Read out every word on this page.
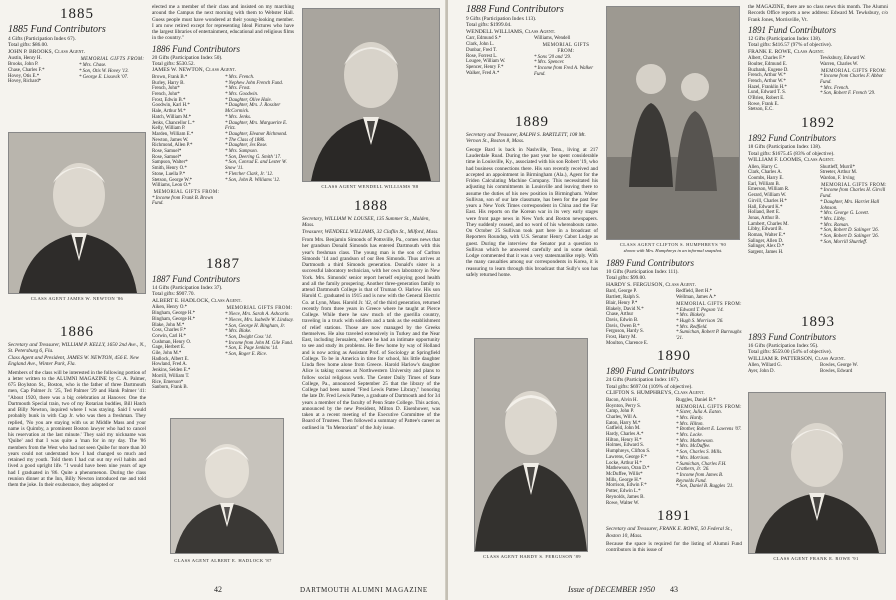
1885
1885 Fund Contributors
4 Gifts (Participation Index 67).
Total gifts: $86.00.
JOHN P. BROOKS, Class Agent.
Austin, Henry H.
Brooks, John P.
Chase, Charles F.*
Hovey, Otis E.*
Hovey, Richard*
MEMORIAL GIFTS FROM:
* Mrs. Chase.
* Son, Otis W. Hovey '13.
* George E. Lissovik '07.
CLASS AGENT JAMES W. NEWTON '86
1886
Secretary and Treasurer, WILLIAM P. KELLY, 1650 2nd Ave., N., St. Petersburg 6, Fla.
Class Agent and President, JAMES W. NEWTON, 456 E. New England Ave., Winter Park, Fla.
Members of the class will be interested in the following portion of a letter written to the ALUMNI MAGAZINE by C. A. Palmer, 675 Boylston St., Boston, who is the father of three Dartmouth men, Cap Palmer Jr. '25, Ted Palmer '29 and Hank Palmer '41: "About 1920, there was a big celebration at Hanover. One the Dartmouth Special train, two of my Rotarian buddies, Bill Hatch and Billy Newton, inquired where I was staying. Said I would probably bunk in with Cap Jr. who was then a freshman. They replied, 'No you are staying with us at Middle Mass and your name is Quimby, a prominent Boston lawyer who had to cancel his reservation at the last minute.' They said my nickname was 'Quibe' and that I was quite a 'man for in my day. The '86 members from the West who had not seen Quibe for more than 30 years could not understand how I had changed so much and retained my youth. Told them I had cut out my evil habits and lived a good upright life. "I would have been nine years of age had I graduated in '86. Quite a phenomenon. During the class reunion dinner at the Inn, Billy Newton introduced me and told them the joke. In their exuberance, they adopted or
elected me a member of their class and insisted on my marching around the Campus the next morning with them to Webster Hall. Guess people must have wondered at their young-looking member. I am now retired except for representing Ideal Pictures who have the largest libraries of entertainment, educational and religious films in the country."
1886 Fund Contributors
20 Gifts (Participation Index 50).
Total gifts: $530.52.
JAMES W. NEWTON, Class Agent.
Brown, Frank B.*
Burley, Harry B.
French, John*
French, John*
Frost, Edwin B.*
Goodwin, Karl H.*
Hale, Arthur M.*
Hatch, William M.*
Jenks, Chancellor L.*
Kelly, William P.
Marden, William E.*
Newton, James W.
Richmond, Allen P.*
Rose, Samuel*
Rose, Samuel*
Sampson, Walter*
Smith, Henry O.*
Stone, Luella P.*
Stetson, George W.*
Williams, Leon O.*
MEMORIAL GIFTS FROM:
* Income from Frank B. Brown Fund.
* Mrs. French.
* Nephew John French Fund.
* Mrs. Frost.
* Mrs. Goodwin.
* Daughter, Olive Hale.
* Daughter, Mrs. J. Rossiter McCormick.
* Mrs. Jenks.
* Daughter, Mrs. Marguerite E. Fritz.
* Daughter, Eleanor Richmond.
* The Class of 1886.
* Daughter, Jes Rose.
* Mrs. Sampson.
* Son, Deering G. Smith '17.
* Son, Conrad E. and Lester W. Snow '11.
* Fletcher Clark, Jr. '12.
* Son, John R. Williams '12.
1887
1887 Fund Contributors
14 Gifts (Participation Index 37).
Total gifts: $907.70.
ALBERT E. HADLOCK, Class Agent.
Aiken, Henry O.*
Bingham, George H.*
Bingham, George H.*
Blake, John M.*
Coss, Charles F.*
Corwin, Carl H.*
Cushman, Henry O.
Gage, Herbert E.
Gile, John M.*
Hadlock, Albert E.
Howland, Fred A.
Jenkins, Selden E.*
Morrill, William T.
Rice, Emerson*
Sanborn, Frank B.
MEMORIAL GIFTS FROM:
* Niece, Mrs. Sarah A. Ashcarin.
* Nieces, Mrs. Isabelle W. Lindsay.
* Son, George H. Bingham, Jr.
* Mrs. Blake.
* Son, Dwight Coss '14.
* Income from John M. Gile Fund.
* Son, E. Page Jenkins '14.
* Son, Roger E. Rice.
CLASS AGENT ALBERT E. HADLOCK '87
CLASS AGENT WENDELL WILLIAMS '88
1888
Secretary, WILLIAM W. LOUSEE, 135 Summer St., Malden, Mass.
Treasurer, WENDELL WILLIAMS, 32 Claflin St., Milford, Mass.
From Mrs. Benjamin Simonds of Pottsville, Pa., comes news that her grandson Donald Simonds has entered Dartmouth with this year's freshman class. The young man is the son of Carlton Simonds '14 and grandson of our Ben Simonds. Thus arrives at Dartmouth a third Simonds generation. Donald's sister is a successful laboratory technician, with her own laboratory in New York. Mrs. Simonds' senior report herself enjoying good health and all the family prospering. Another three-generation family to attend Dartmouth College is that of Truman O. Harlow. His son Harold C. graduated in 1915 and is now with the General Electric Co. at Lynn, Mass. Harold Jr. '42, of the third generation, returned recently from three years in Greece where he taught at Pierce College. While there he saw much of the guerilla country, traveling in a truck with soldiers and a tank as the establishment of relief stations. Those are now managed by the Greeks themselves. He also traveled extensively in Turkey and the Near East, including Jerusalem, where he had an intimate opportunity to see and study its problems. He flew home by way of Holland and is now acting as Assistant Prof. of Sociology at Springfield College. To be in America in time for school, his little daughter Linda flew home alone from Greece. Harold Harlow's daughter Alice is taking courses at Northwestern University and plans to follow social religious work. The Center Daily Times of State College, Pa., announced September 25 that the library of the College had been named "Fred Lewis Pattee Library," honoring the late Dr. Fred Lewis Pattee, a graduate of Dartmouth and for 34 years a member of the faculty of Penn State College. This action, announced by the new President, Milton D. Eisenhower, was taken at a recent meeting of the Executive Committee of the Board of Trustees. Then followed a summary of Pattee's career as outlined in "In Memoriam" of the July issue.
42	DARTMOUTH ALUMNI MAGAZINE
1888 Fund Contributors
9 Gifts (Participation Index 113).
Total gifts: $1999.04.
WENDELL WILLIAMS, Class Agent.
Carr, Edmund S.*
Clark, John L.
Dunbar, Fred T.
Rose, Forrest L.
Lougee, William W.
Spencer, Henry F.*
Walker, Fred A.*
Williams, Wendell
MEMORIAL GIFTS FROM:
* Sons '20 and '29.
* Mrs. Spencer.
* Income from Fred A. Walker Fund.
1889
Secretary and Treasurer, RALPH S. BARTLETT, 108 Mt. Vernon St., Boston 8, Mass.
George Bard is back in Nashville, Tenn., living at 217 Lauderdale Road. During the past year he spent considerable time in Louisville, Ky., associated with his son Robert '19, who had business connections there. His son recently received and accepted an appointment in Birmingham (Ala.), Agent for the Friden Calculating Machine Company. This necessitated his adjusting his commitments in Louisville and leaving there to assume the duties of his new position in Birmingham. Walter Sullivan, son of our late classmate, has been for the past few years a New York Times correspondent in China and the Far East. His reports on the Korean war in its very early stages were front page news in New York and Boston newspapers. They suddenly ceased, and no word of his whereabouts came. On October 25 Sullivan took part here in a broadcast of Reporters Roundup, with U.S. Senator Henry Cabot Lodge as guest. During the interview the Senator put a question to Sullivan which he answered carefully and in some detail. Lodge commented that it was a very statesmanlike reply. With the many casualties among our correspondents in Korea, it is reassuring to learn through this broadcast that Sully's son has safely returned home.
CLASS AGENT HARDY S. FERGUSON '89
CLASS AGENT CLIFTON S. HUMPHREYS '90
shown with Mrs. Humphreys in an informal snapshot.
1889 Fund Contributors
10 Gifts (Participation Index 111).
Total gifts: $99.00.
HARDY S. FERGUSON, Class Agent.
Bard, George P.
Bartlett, Ralph S.
Blair, Henry P.*
Blakely, David N.*
Chase, Arthur
Davis, Edwin B.
Davis, Owen B.*
Ferguson, Hardy S.
Frost, Harry M.
Moulton, Clarence E.
Redfield, Bert H.*
Wellman, James A.*
MEMORIAL GIFTS FROM:
* Edward T. Pegson '14.
* Mrs. Blakely.
* Hugh S. Morrison '26.
* Mrs. Redfield.
* Sumichan, Robert P. Burroughs '21.
1890
1890 Fund Contributors
24 Gifts (Participation Index 167).
Total gifts: $697.04 (109% of objective).
CLIFTON S. HUMPHREYS, Class Agent.
Bacon, Alvin H.
Boynton, Perry S.
Camp, John P.
Charles, Will A.
Eaton, Harry M.*
Gatfield, John M.
Hardy, Charles A.*
Hilton, Henry H.*
Holmes, Edward S.
Humphreys, Clifton S.
Lawrens, George F.*
Locke, Arthur H.*
Mathewson, Oran D.*
McDuffee, Willis*
Mills, George H.*
Morrison, Edwin F.*
Potter, Edwin L.*
Reynolds, James B.
Rowe, Walter W.
Ruggles, Daniel B.*
MEMORIAL GIFTS FROM:
* Sister, Julia A. Eaton.
* Mrs. Hardy.
* Mrs. Hilton.
* Brother, Robert E. Lawrens '07.
* Mrs. Locke.
* Mrs. Mathewson.
* Mrs. McDuffee.
* Son, Charles S. Mills.
* Mrs. Morrison.
* Sumichan, Charles F.H. Crathern, Jr. '26.
* Income from James B. Reynolds Fund.
* Son, Daniel B. Ruggles '21.
1891
Secretary and Treasurer, FRANK E. ROWE, 50 Federal St., Boston 10, Mass.
Because the space is required for the listing of Alumni Fund contributors in this issue of
the MAGAZINE, there are no class news this month. The Alumni Records Office reports a new address: Edward M. Tewksbury, c/o Frank Jones, Morrisville, Vt.
1891 Fund Contributors
12 Gifts (Participation Index 138).
Total gifts: $416.57 (97% of objective).
FRANK E. ROWE, Class Agent.
Albert, Charles F.*
Boulter, Edmund E.
Buzbank, Eugene D.
French, Arthur W.*
French, Arthur W.*
Hazel, Franklin H.*
Lund, Edward T. S.
O'Brien, Robert E.
Rowe, Frank E.
Stetson, E.C.
Tewksbury, Edward W.
Warren, Charles W.
MEMORIAL GIFTS FROM:
* Income from Charles F. Abbot Fund.
* Mrs. French.
* Son, Robert F. French '29.
1892
1892 Fund Contributors
18 Gifts (Participation Index 138).
Total gifts: $1675.45 (83% of objective).
WILLIAM F. LOOMIS, Class Agent.
Allen, Harry C.
Clark, Charles A.
Coombs, Harry E.
Earl, William B.
Emerson, William R.
Gerard, William W.
Girvill, Charles H.*
Hall, Edward K.*
Holland, Bert E.
Jonas, Arthur B.
Lambert, Charles M.
Libby, Edward B.
Roman, Walter E.*
Salinger, Allen D.
Salinger, Alex D.*
Sargent, James H.
Shurtleff, Murril*
Streeter, Arthur M.
Wardon, F. Irving
MEMORIAL GIFTS FROM:
* Income from Charles H. Girvill Fund.
* Daughter, Mrs. Harriet Hall Johnson.
* Mrs. George G. Lovett.
* Mrs. Libby.
* Mrs. Roman.
* Son, Robert D. Salinger '26.
* Son, Robert D. Salinger '26.
* Son, Morrill Shurtleff.
1893
1893 Fund Contributors
16 Gifts (Participation Index 95).
Total gifts: $559.00 (54% of objective).
WILLIAM R. PATTERSON, Class Agent.
Allen, Willard G.
Ayer, John D.
Bowles, George W.
Bowles, Edward
CLASS AGENT FRANK E. ROWE '91
Issue of DECEMBER 1950 43
